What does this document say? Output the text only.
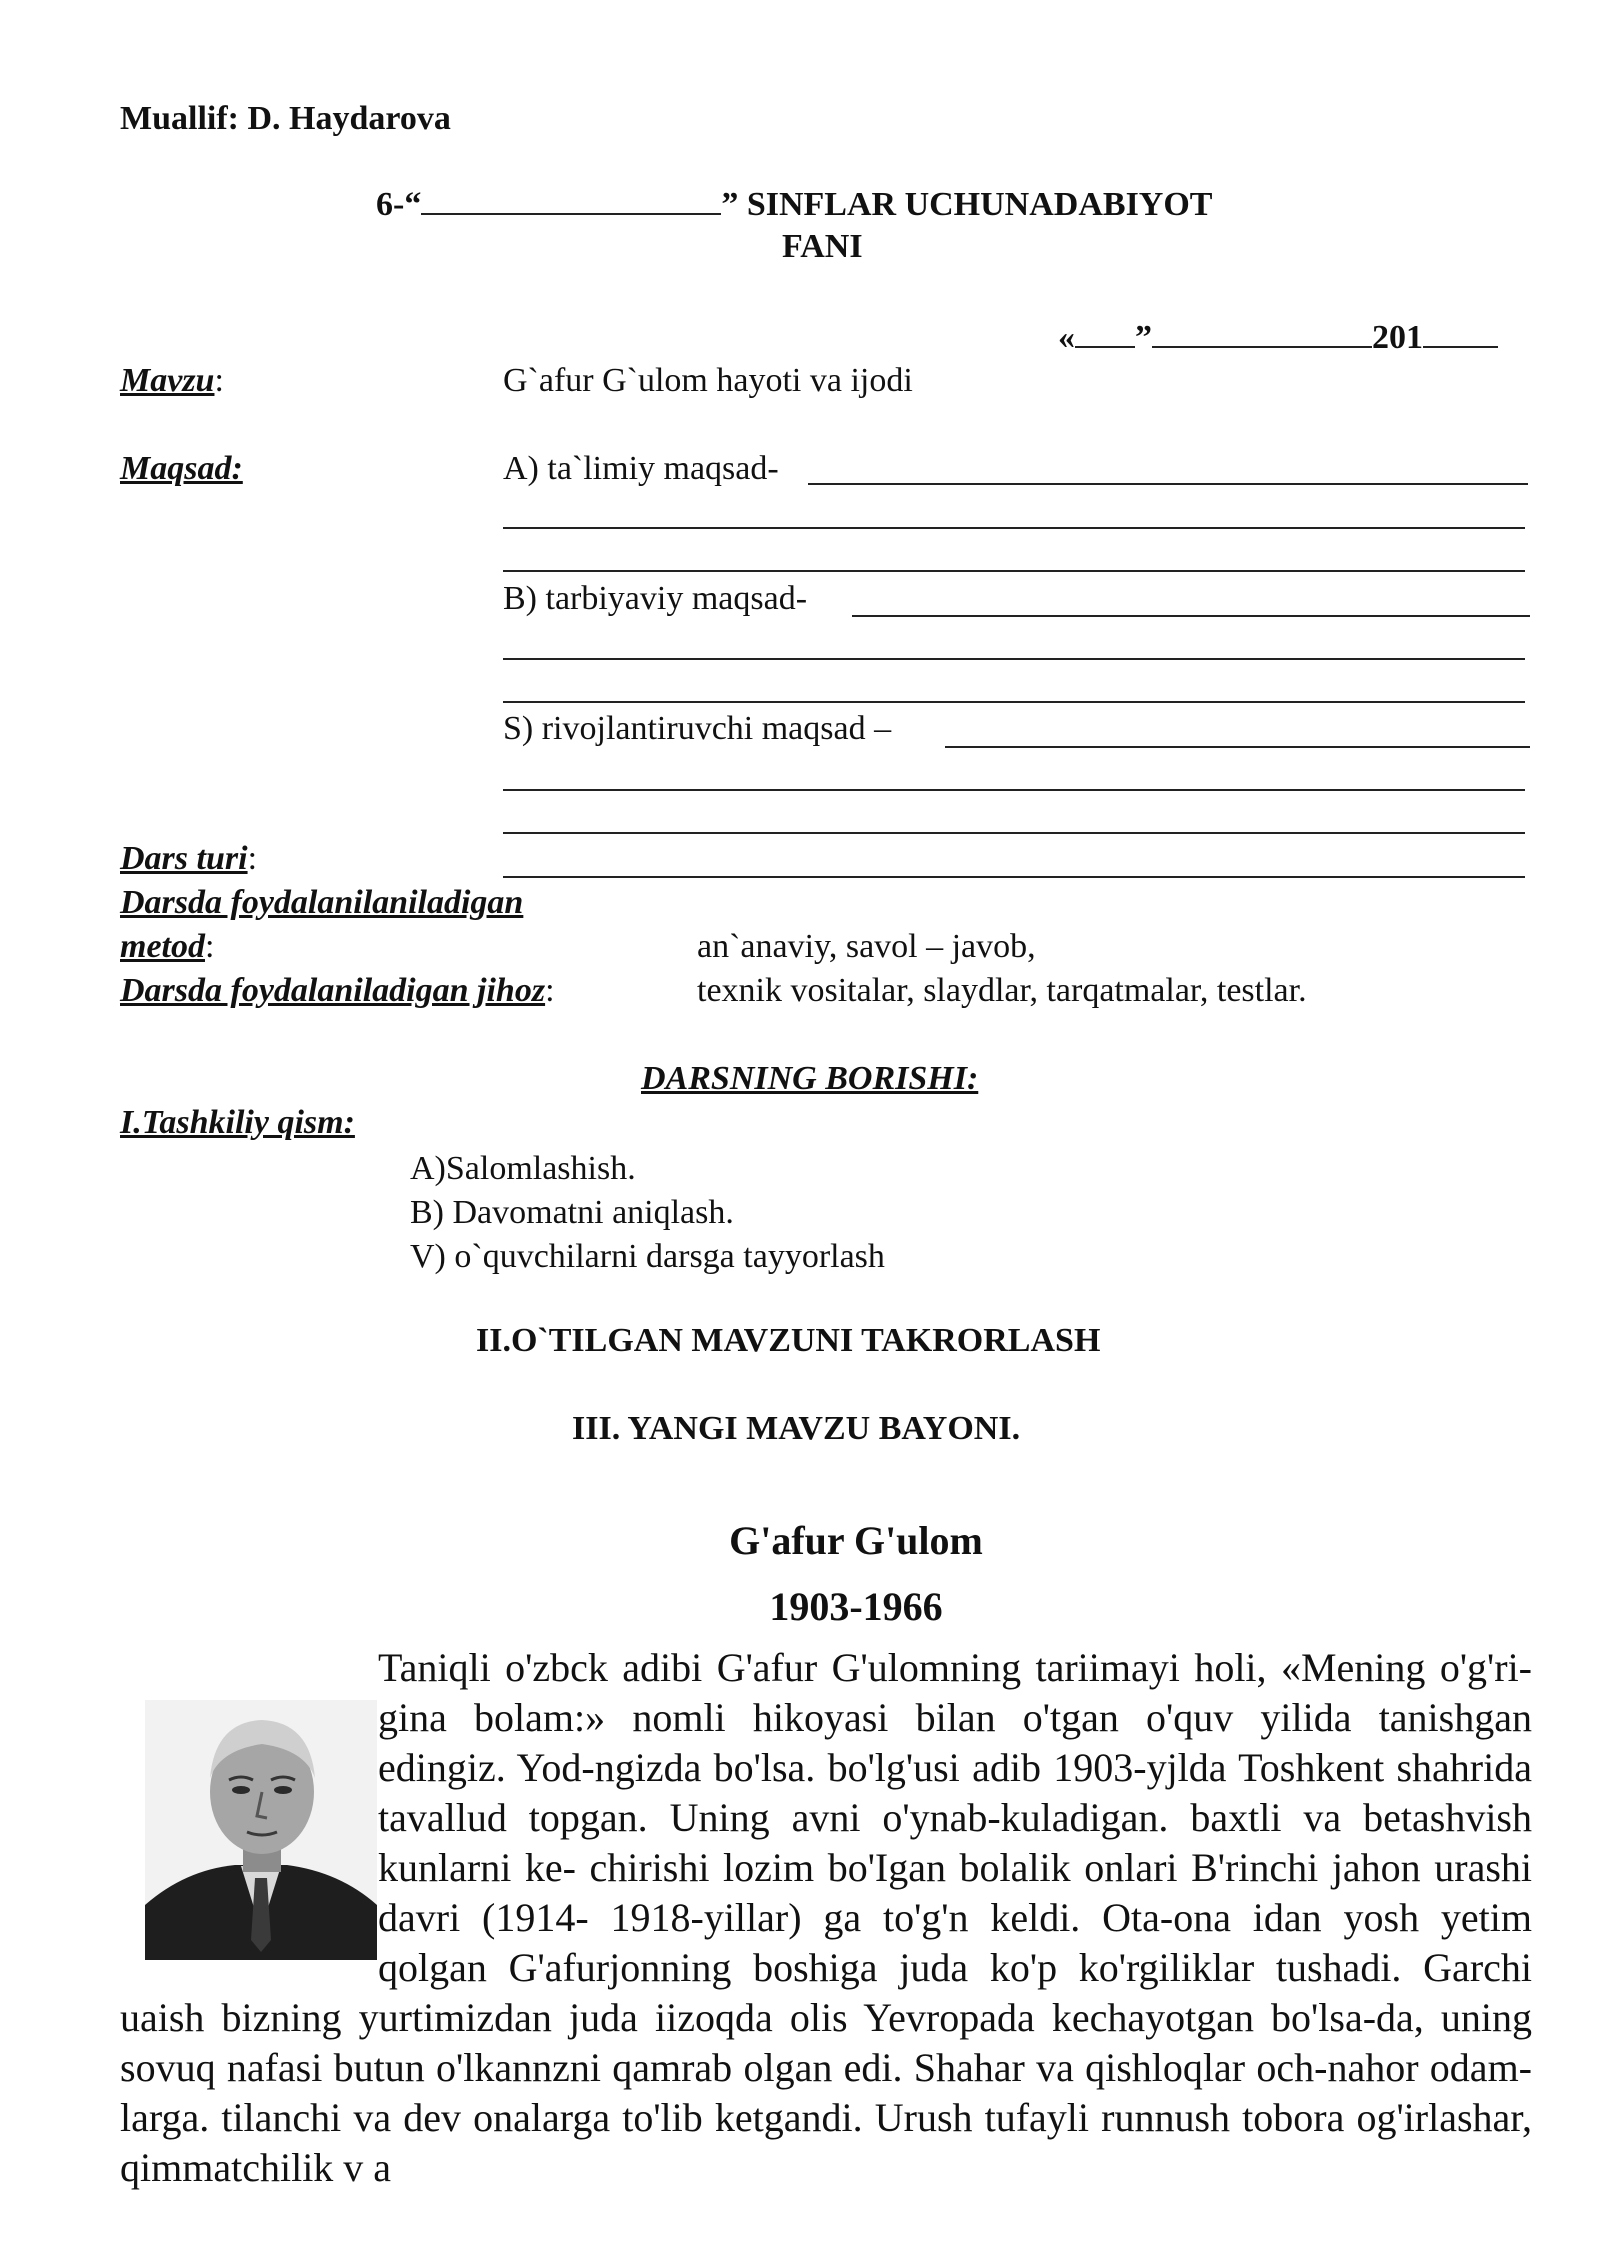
Muallif: D. Haydarova
6-“	” SINFLAR UCHUNADABIYOT
FANI
« ”	201
Mavzu:	G`afur G`ulom hayoti va ijodi
Maqsad:	A) ta`limiy maqsad-
B) tarbiyaviy maqsad-
S) rivojlantiruvchi maqsad –
Dars turi:
Darsda foydalanilaniladigan
metod:	an`anaviy, savol – javob,
Darsda foydalaniladigan jihoz:	texnik vositalar, slaydlar, tarqatmalar, testlar.
DARSNING BORISHI:
I.Tashkiliy qism:
A)Salomlashish.
B) Davomatni aniqlash.
V) o`quvchilarni darsga tayyorlash
II.O`TILGAN MAVZUNI TAKRORLASH
III. YANGI MAVZU BAYONI.
G'afur G'ulom
1903-1966
Taniqli o'zbck adibi G'afur G'ulomning tariimayi holi, «Mening o'g'ri- gina bolam:» nomli hikoyasi bilan o'tgan o'quv yilida tanishgan edingiz. Yod-ngizda bo'lsa. bo'lg'usi adib 1903-yjlda Toshkent shahrida tavallud topgan. Uning avni o'ynab-kuladigan. baxtli va betashvish kunlarni ke- chirishi lozim bo'Igan bolalik onlari B'rinchi jahon urashi davri (1914- 1918-yillar) ga to'g'n keldi. Ota-ona idan yosh yetim qolgan G'afurjonning boshiga juda ko'p ko'rgiliklar tushadi. Garchi uaish bizning yurtimizdan juda iizoqda olis Yevropada kechayotgan bo'lsa-da, uning sovuq nafasi butun o'lkannzni qamrab olgan edi. Shahar va qishloqlar och-nahor odam- larga. tilanchi va dev onalarga to'lib ketgandi. Urush tufayli runnush tobora og'irlashar, qimmatchilik v a
